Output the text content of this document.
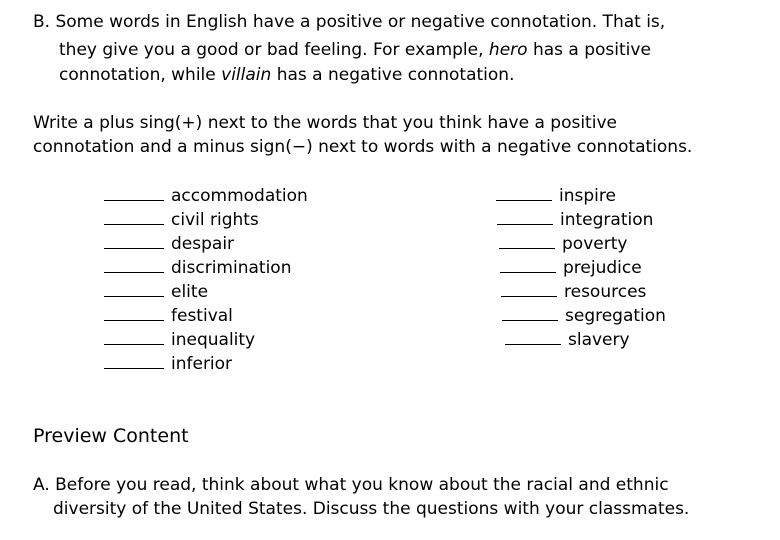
B. Some words in English have a positive or negative connotation. That is,
they give you a good or bad feeling. For example, hero has a positive
connotation, while villain has a negative connotation.
Write a plus sing(+) next to the words that you think have a positive
connotation and a minus sign(−) next to words with a negative connotations.
accommodation
civil rights
despair
discrimination
elite
festival
inequality
inferior
inspire
integration
poverty
prejudice
resources
segregation
slavery
Preview Content
A. Before you read, think about what you know about the racial and ethnic
diversity of the United States. Discuss the questions with your classmates.
